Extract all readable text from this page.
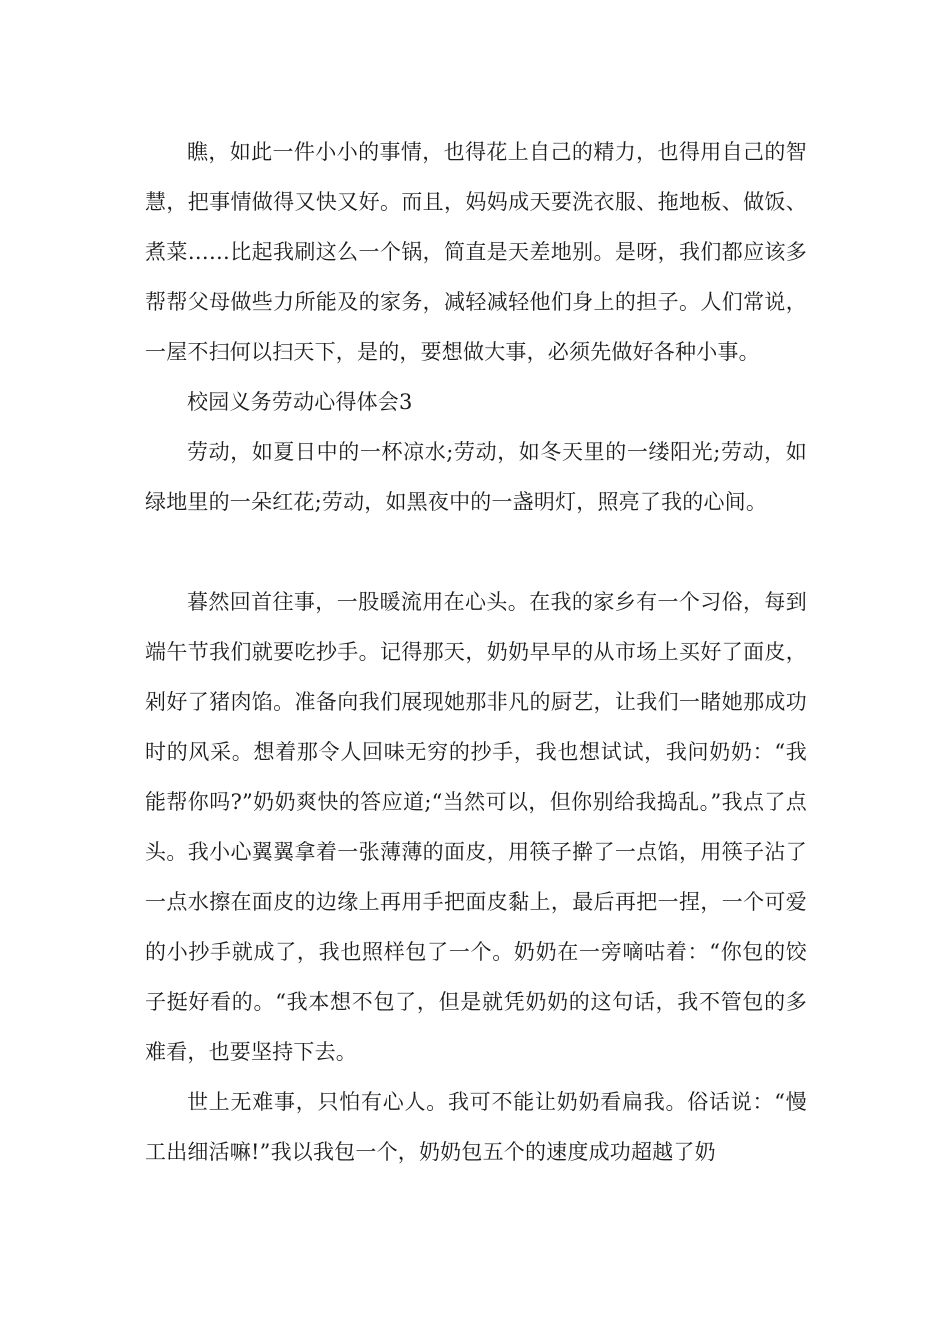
瞧，如此一件小小的事情，也得花上自己的精力，也得用自己的智慧，把事情做得又快又好。而且，妈妈成天要洗衣服、拖地板、做饭、煮菜……比起我刷这么一个锅，简直是天差地别。是呀，我们都应该多帮帮父母做些力所能及的家务，减轻减轻他们身上的担子。人们常说，一屋不扫何以扫天下，是的，要想做大事，必须先做好各种小事。

校园义务劳动心得体会3

劳动，如夏日中的一杯凉水;劳动，如冬天里的一缕阳光;劳动，如绿地里的一朵红花;劳动，如黑夜中的一盏明灯，照亮了我的心间。

暮然回首往事，一股暖流用在心头。在我的家乡有一个习俗，每到端午节我们就要吃抄手。记得那天，奶奶早早的从市场上买好了面皮，剁好了猪肉馅。准备向我们展现她那非凡的厨艺，让我们一睹她那成功时的风采。想着那令人回味无穷的抄手，我也想试试，我问奶奶：“我能帮你吗?”奶奶爽快的答应道;“当然可以，但你别给我捣乱。”我点了点头。我小心翼翼拿着一张薄薄的面皮，用筷子擀了一点馅，用筷子沾了一点水擦在面皮的边缘上再用手把面皮黏上，最后再把一捏，一个可爱的小抄手就成了，我也照样包了一个。奶奶在一旁嘀咕着：“你包的饺子挺好看的。“我本想不包了，但是就凭奶奶的这句话，我不管包的多难看，也要坚持下去。

世上无难事，只怕有心人。我可不能让奶奶看扁我。俗话说：“慢工出细活嘛!”我以我包一个，奶奶包五个的速度成功超越了奶
